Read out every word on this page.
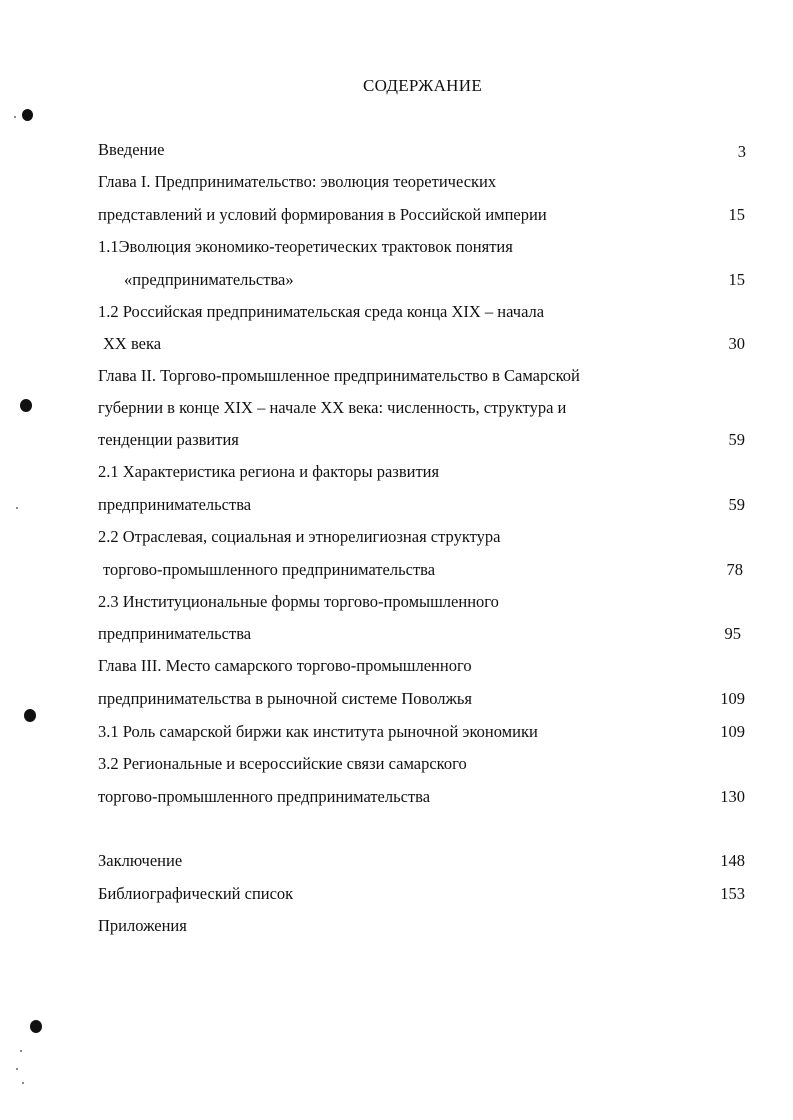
СОДЕРЖАНИЕ
Введение	3
Глава I. Предпринимательство: эволюция теоретических
представлений и условий формирования в Российской империи	15
1.1Эволюция экономико-теоретических трактовок понятия
«предпринимательства»	15
1.2 Российская предпринимательская среда конца XIX – начала
XX века	30
Глава II. Торгово-промышленное предпринимательство в Самарской
губернии в конце XIX – начале XX века: численность, структура и
тенденции развития	59
2.1 Характеристика региона и факторы развития
предпринимательства	59
2.2 Отраслевая, социальная и этнорелигиозная структура
торгово-промышленного предпринимательства	78
2.3 Институциональные формы торгово-промышленного
предпринимательства	95
Глава III. Место самарского торгово-промышленного
предпринимательства в рыночной системе Поволжья	109
3.1 Роль самарской биржи как института рыночной экономики	109
3.2 Региональные и всероссийские связи самарского
торгово-промышленного предпринимательства	130
Заключение	148
Библиографический список	153
Приложения
